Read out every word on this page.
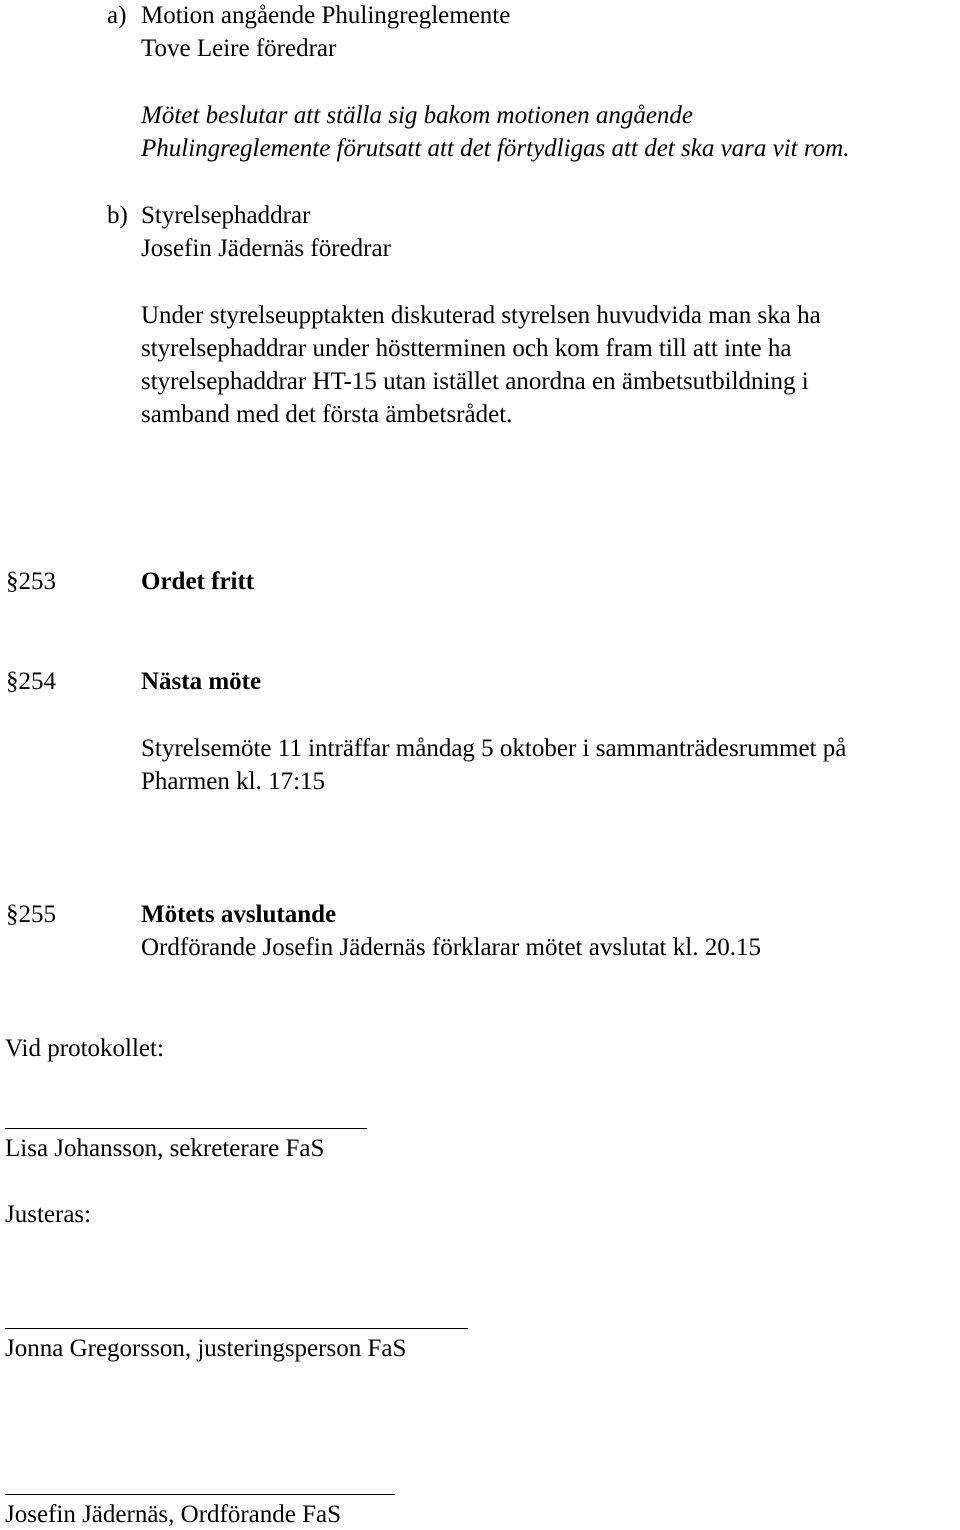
a) Motion angående Phulingreglemente
Tove Leire föredrar
Mötet beslutar att ställa sig bakom motionen angående
Phulingreglemente förutsatt att det förtydligas att det ska vara vit rom.
b) Styrelsephaddrar
Josefin Jädernäs föredrar
Under styrelseupptakten diskuterad styrelsen huvudvida man ska ha
styrelsephaddrar under höstterminen och kom fram till att inte ha
styrelsephaddrar HT-15 utan istället anordna en ämbetsutbildning i
samband med det första ämbetsrådet.
§253	Ordet fritt
§254	Nästa möte
Styrelsemöte 11 inträffar måndag 5 oktober i sammanträdesrummet på
Pharmen kl. 17:15
§255	Mötets avslutande
Ordförande Josefin Jädernäs förklarar mötet avslutat kl. 20.15
Vid protokollet:
Lisa Johansson, sekreterare FaS
Justeras:
Jonna Gregorsson, justeringsperson FaS
Josefin Jädernäs, Ordförande FaS
